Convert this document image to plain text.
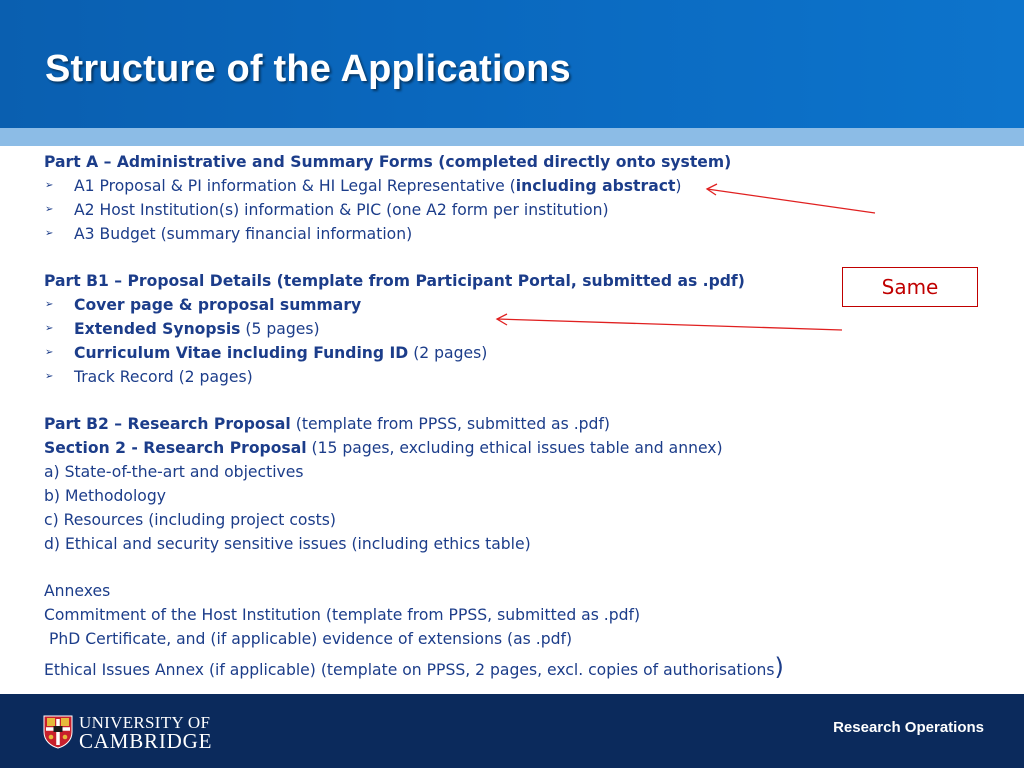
Structure of the Applications
Part A – Administrative and Summary Forms (completed directly onto system)
➢ A1 Proposal & PI information & HI Legal Representative (including abstract)
➢ A2 Host Institution(s) information & PIC (one A2 form per institution)
➢ A3 Budget (summary financial information)
Part B1 – Proposal Details (template from Participant Portal, submitted as .pdf)
➢ Cover page & proposal summary
➢ Extended Synopsis (5 pages)
➢ Curriculum Vitae including Funding ID (2 pages)
➢ Track Record (2 pages)
Part B2 – Research Proposal (template from PPSS, submitted as .pdf)
Section 2 - Research Proposal (15 pages, excluding ethical issues table and annex)
a) State-of-the-art and objectives
b) Methodology
c) Resources (including project costs)
d) Ethical and security sensitive issues (including ethics table)
Annexes
Commitment of the Host Institution (template from PPSS, submitted as .pdf)
PhD Certificate, and (if applicable) evidence of extensions (as .pdf)
Ethical Issues Annex (if applicable) (template on PPSS, 2 pages, excl. copies of authorisations)
Same
UNIVERSITY OF
CAMBRIDGE
Research Operations
